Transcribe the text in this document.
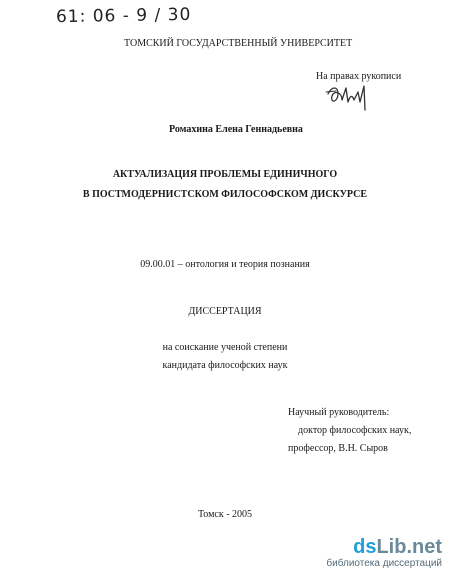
61: 06 - 9 / 30
ТОМСКИЙ ГОСУДАРСТВЕННЫЙ УНИВЕРСИТЕТ
На правах рукописи
Ромахина Елена Геннадьевна
АКТУАЛИЗАЦИЯ ПРОБЛЕМЫ ЕДИНИЧНОГО
В ПОСТМОДЕРНИСТСКОМ ФИЛОСОФСКОМ ДИСКУРСЕ
09.00.01 – онтология и теория познания
ДИССЕРТАЦИЯ
на соискание ученой степени
кандидата философских наук
Научный руководитель:
доктор философских наук,
профессор, В.Н. Сыров
Томск - 2005
dsLib.net
библиотека диссертаций
